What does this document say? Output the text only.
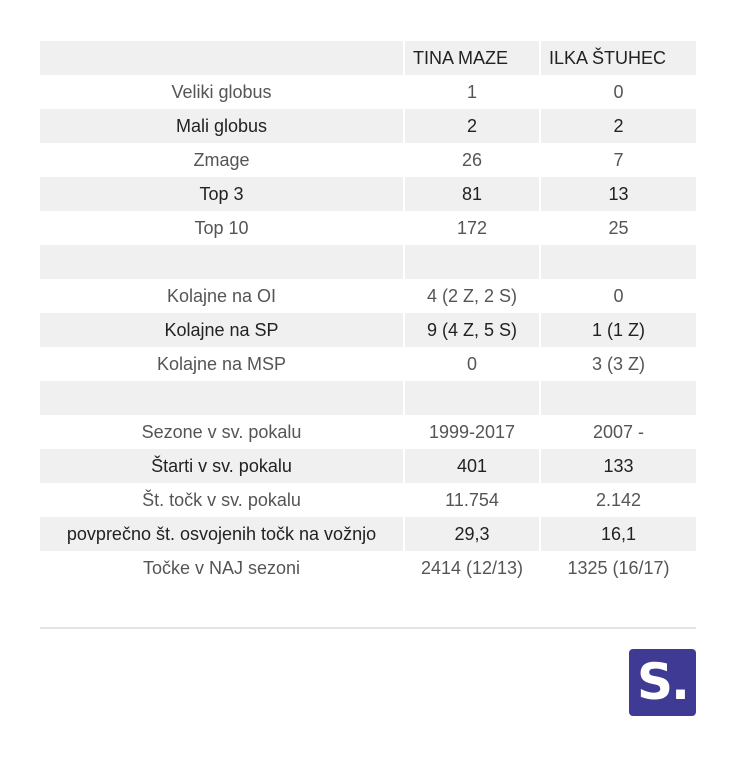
	TINA MAZE	ILKA ŠTUHEC
Veliki globus	1	0
Mali globus	2	2
Zmage	26	7
Top 3	81	13
Top 10	172	25

Kolajne na OI	4 (2 Z, 2 S)	0
Kolajne na SP	9 (4 Z, 5 S)	1 (1 Z)
Kolajne na MSP	0	3 (3 Z)

Sezone v sv. pokalu	1999-2017	2007 -
Štarti v sv. pokalu	401	133
Št. točk v sv. pokalu	11.754	2.142
povprečno št. osvojenih točk na vožnjo	29,3	16,1
Točke v NAJ sezoni	2414 (12/13)	1325 (16/17)
S.
